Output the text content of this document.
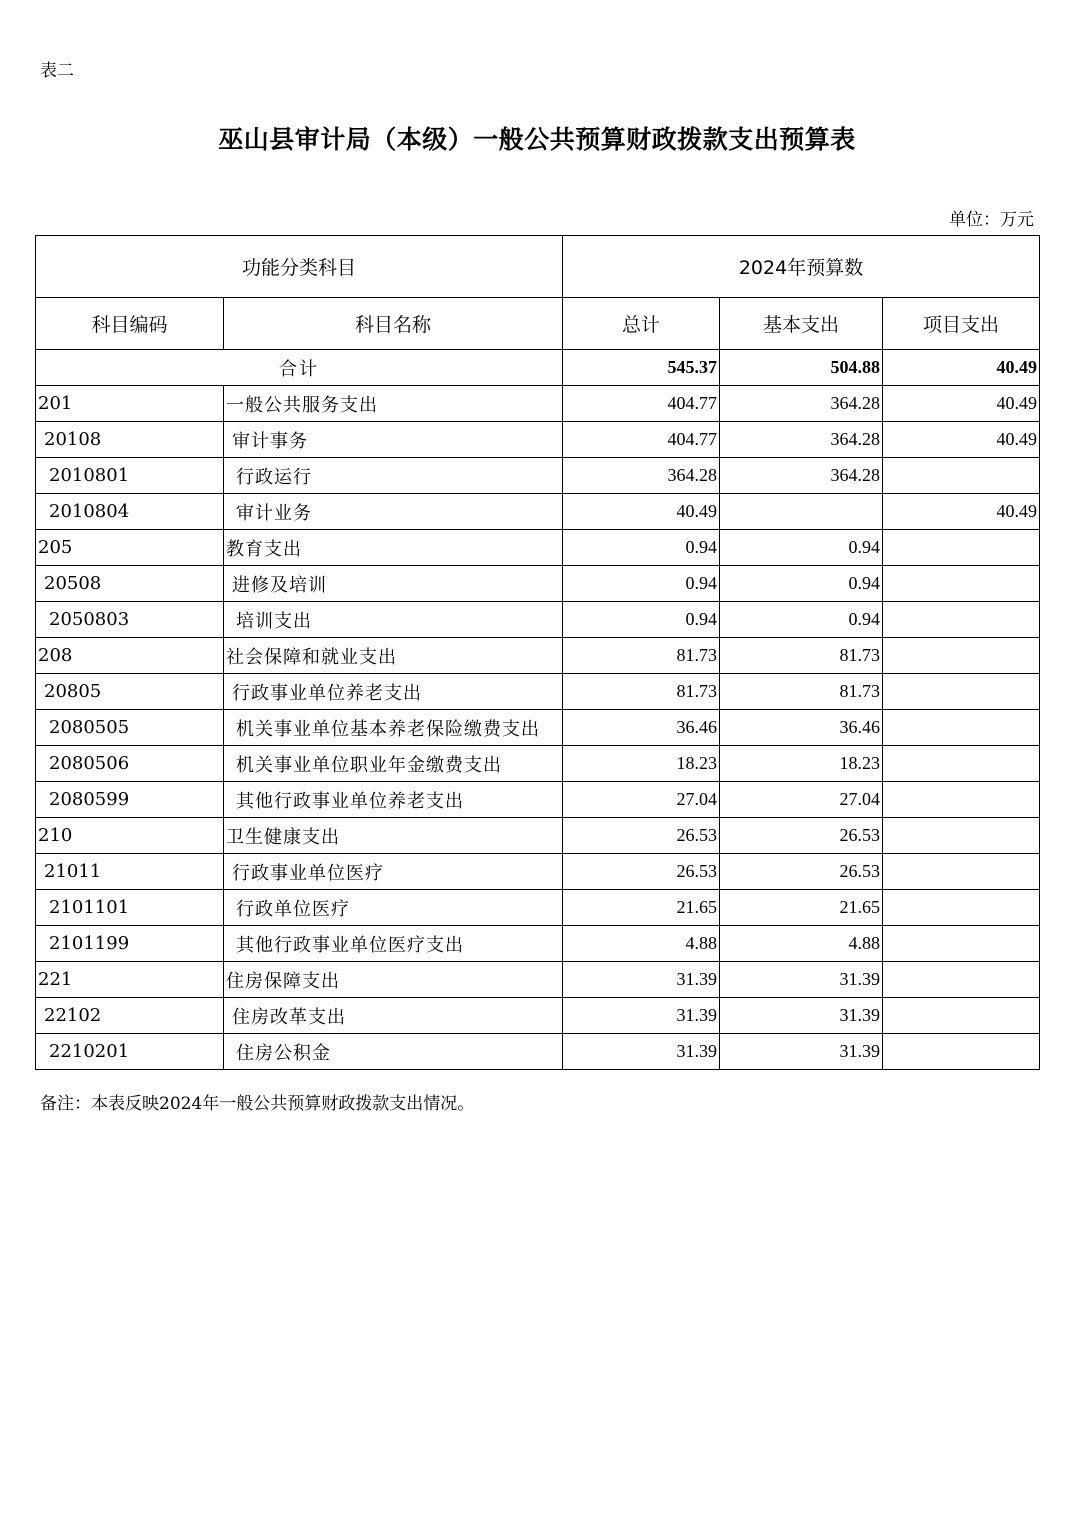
表二
巫山县审计局（本级）一般公共预算财政拨款支出预算表
单位：万元
功能分类科目		2024年预算数		
科目编码	科目名称	总计	基本支出	项目支出
合计		545.37	504.88	40.49
201	一般公共服务支出	404.77	364.28	40.49
20108	审计事务	404.77	364.28	40.49
2010801	行政运行	364.28	364.28	
2010804	审计业务	40.49		40.49
205	教育支出	0.94	0.94	
20508	进修及培训	0.94	0.94	
2050803	培训支出	0.94	0.94	
208	社会保障和就业支出	81.73	81.73	
20805	行政事业单位养老支出	81.73	81.73	
2080505	机关事业单位基本养老保险缴费支出	36.46	36.46	
2080506	机关事业单位职业年金缴费支出	18.23	18.23	
2080599	其他行政事业单位养老支出	27.04	27.04	
210	卫生健康支出	26.53	26.53	
21011	行政事业单位医疗	26.53	26.53	
2101101	行政单位医疗	21.65	21.65	
2101199	其他行政事业单位医疗支出	4.88	4.88	
221	住房保障支出	31.39	31.39	
22102	住房改革支出	31.39	31.39	
2210201	住房公积金	31.39	31.39	
备注：本表反映2024年一般公共预算财政拨款支出情况。
